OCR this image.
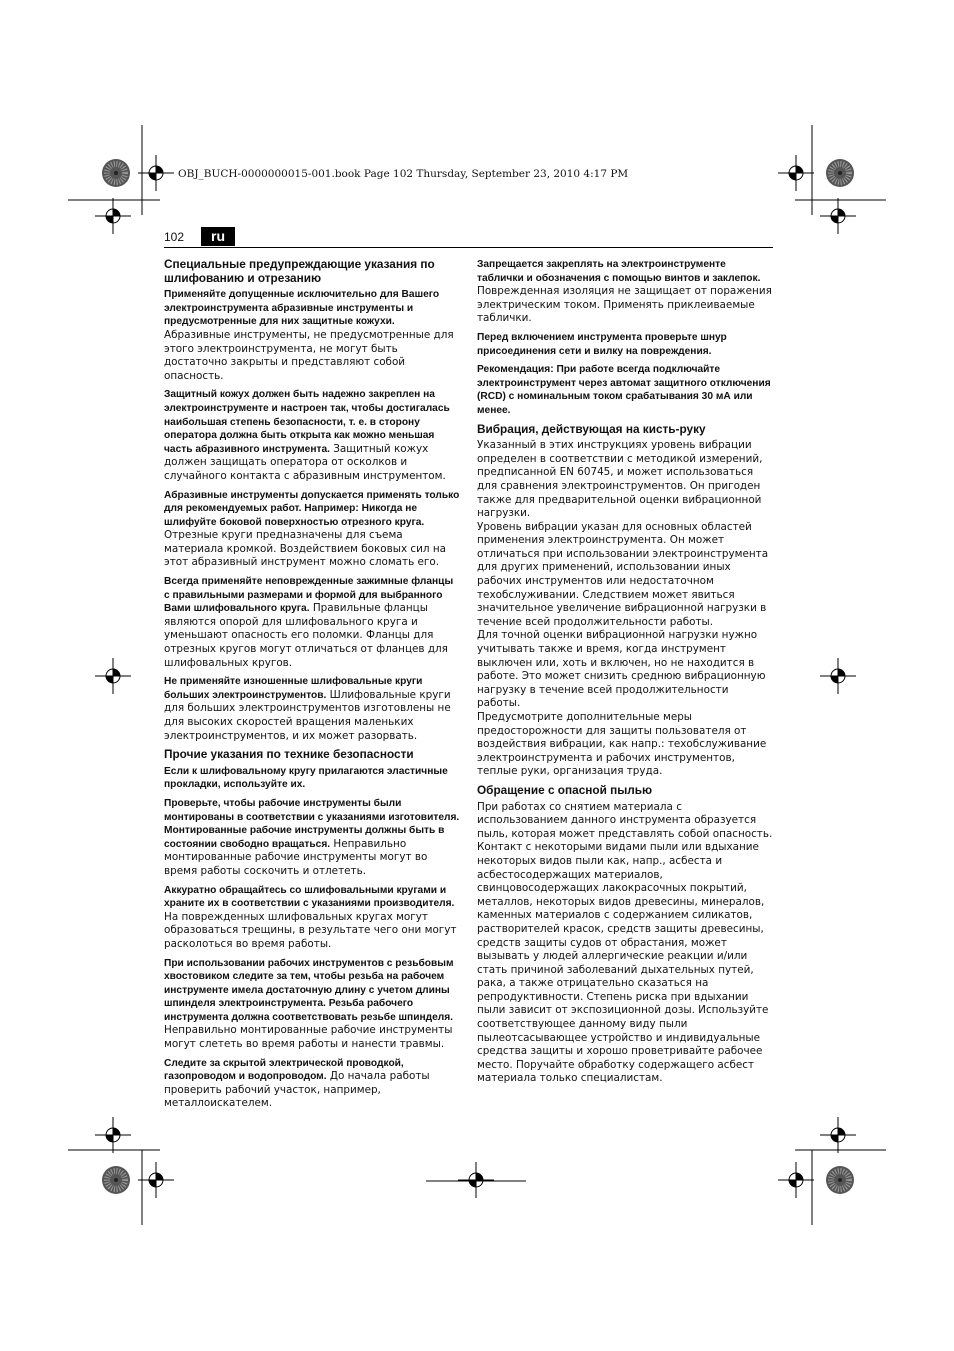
OBJ_BUCH-0000000015-001.book Page 102 Thursday, September 23, 2010 4:17 PM
102	ru
Специальные предупреждающие указания по шлифованию и отрезанию

Применяйте допущенные исключительно для Вашего электроинструмента абразивные инструменты и предусмотренные для них защитные кожухи. Абразивные инструменты, не предусмотренные для этого электроинструмента, не могут быть достаточно закрыты и представляют собой опасность.

Защитный кожух должен быть надежно закреплен на электроинструменте и настроен так, чтобы достигалась наибольшая степень безопасности, т. е. в сторону оператора должна быть открыта как можно меньшая часть абразивного инструмента. Защитный кожух должен защищать оператора от осколков и случайного контакта с абразивным инструментом.

Абразивные инструменты допускается применять только для рекомендуемых работ. Например: Никогда не шлифуйте боковой поверхностью отрезного круга. Отрезные круги предназначены для съема материала кромкой. Воздействием боковых сил на этот абразивный инструмент можно сломать его.

Всегда применяйте неповрежденные зажимные фланцы с правильными размерами и формой для выбранного Вами шлифовального круга. Правильные фланцы являются опорой для шлифовального круга и уменьшают опасность его поломки. Фланцы для отрезных кругов могут отличаться от фланцев для шлифовальных кругов.

Не применяйте изношенные шлифовальные круги больших электроинструментов. Шлифовальные круги для больших электроинструментов изготовлены не для высоких скоростей вращения маленьких электроинструментов, и их может разорвать.

Прочие указания по технике безопасности

Если к шлифовальному кругу прилагаются эластичные прокладки, используйте их.

Проверьте, чтобы рабочие инструменты были монтированы в соответствии с указаниями изготовителя. Монтированные рабочие инструменты должны быть в состоянии свободно вращаться. Неправильно монтированные рабочие инструменты могут во время работы соскочить и отлететь.

Аккуратно обращайтесь со шлифовальными кругами и храните их в соответствии с указаниями производителя. На поврежденных шлифовальных кругах могут образоваться трещины, в результате чего они могут расколоться во время работы.

При использовании рабочих инструментов с резьбовым хвостовиком следите за тем, чтобы резьба на рабочем инструменте имела достаточную длину с учетом длины шпинделя электроинструмента. Резьба рабочего инструмента должна соответствовать резьбе шпинделя. Неправильно монтированные рабочие инструменты могут слететь во время работы и нанести травмы.

Следите за скрытой электрической проводкой, газопроводом и водопроводом. До начала работы проверить рабочий участок, например, металлоискателем.

Запрещается закреплять на электроинструменте таблички и обозначения с помощью винтов и заклепок. Поврежденная изоляция не защищает от поражения электрическим током. Применять приклеиваемые таблички.

Перед включением инструмента проверьте шнур присоединения сети и вилку на повреждения.

Рекомендация: При работе всегда подключайте электроинструмент через автомат защитного отключения (RCD) с номинальным током срабатывания 30 мА или менее.

Вибрация, действующая на кисть-руку

Указанный в этих инструкциях уровень вибрации определен в соответствии с методикой измерений, предписанной EN 60745, и может использоваться для сравнения электроинструментов. Он пригоден также для предварительной оценки вибрационной нагрузки.

Уровень вибрации указан для основных областей применения электроинструмента. Он может отличаться при использовании электроинструмента для других применений, использовании иных рабочих инструментов или недостаточном техобслуживании. Следствием может явиться значительное увеличение вибрационной нагрузки в течение всей продолжительности работы.

Для точной оценки вибрационной нагрузки нужно учитывать также и время, когда инструмент выключен или, хоть и включен, но не находится в работе. Это может снизить среднюю вибрационную нагрузку в течение всей продолжительности работы.

Предусмотрите дополнительные меры предосторожности для защиты пользователя от воздействия вибрации, как напр.: техобслуживание электроинструмента и рабочих инструментов, теплые руки, организация труда.

Обращение с опасной пылью

При работах со снятием материала с использованием данного инструмента образуется пыль, которая может представлять собой опасность.

Контакт с некоторыми видами пыли или вдыхание некоторых видов пыли как, напр., асбеста и асбестосодержащих материалов, свинцовосодержащих лакокрасочных покрытий, металлов, некоторых видов древесины, минералов, каменных материалов с содержанием силикатов, растворителей красок, средств защиты древесины, средств защиты судов от обрастания, может вызывать у людей аллергические реакции и/или стать причиной заболеваний дыхательных путей, рака, а также отрицательно сказаться на репродуктивности. Степень риска при вдыхании пыли зависит от экспозиционной дозы. Используйте соответствующее данному виду пыли пылеотсасывающее устройство и индивидуальные средства защиты и хорошо проветривайте рабочее место. Поручайте обработку содержащего асбест материала только специалистам.
